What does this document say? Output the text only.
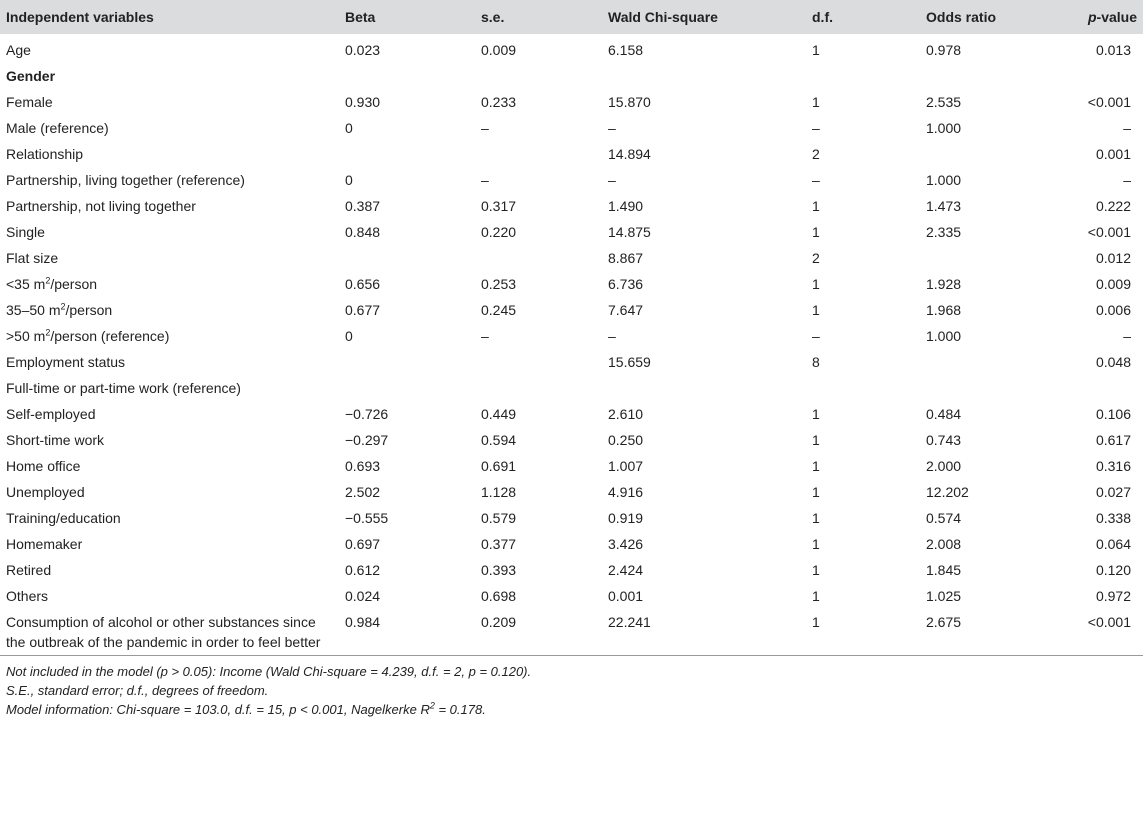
Independent variables	Beta	s.e.	Wald Chi-square	d.f.	Odds ratio	p-value
Age	0.023	0.009	6.158	1	0.978	0.013
Gender						
Female	0.930	0.233	15.870	1	2.535	<0.001
Male (reference)	0	–	–	–	1.000	–
Relationship			14.894	2		0.001
Partnership, living together (reference)	0	–	–	–	1.000	–
Partnership, not living together	0.387	0.317	1.490	1	1.473	0.222
Single	0.848	0.220	14.875	1	2.335	<0.001
Flat size			8.867	2		0.012
<35 $m^2$/person	0.656	0.253	6.736	1	1.928	0.009
35–50 $m^2$/person	0.677	0.245	7.647	1	1.968	0.006
>50 $m^2$/person (reference)	0	–	–	–	1.000	–
Employment status			15.659	8		0.048
Full-time or part-time work (reference)						
Self-employed	−0.726	0.449	2.610	1	0.484	0.106
Short-time work	−0.297	0.594	0.250	1	0.743	0.617
Home office	0.693	0.691	1.007	1	2.000	0.316
Unemployed	2.502	1.128	4.916	1	12.202	0.027
Training/education	−0.555	0.579	0.919	1	0.574	0.338
Homemaker	0.697	0.377	3.426	1	2.008	0.064
Retired	0.612	0.393	2.424	1	1.845	0.120
Others	0.024	0.698	0.001	1	1.025	0.972
Consumption of alcohol or other substances since the outbreak of the pandemic in order to feel better	0.984	0.209	22.241	1	2.675	<0.001
Not included in the model (p > 0.05): Income (Wald Chi-square = 4.239, d.f. = 2, p = 0.120).
S.E., standard error; d.f., degrees of freedom.
Model information: Chi-square = 103.0, d.f. = 15, p < 0.001, Nagelkerke $R^2 = 0.178$.
